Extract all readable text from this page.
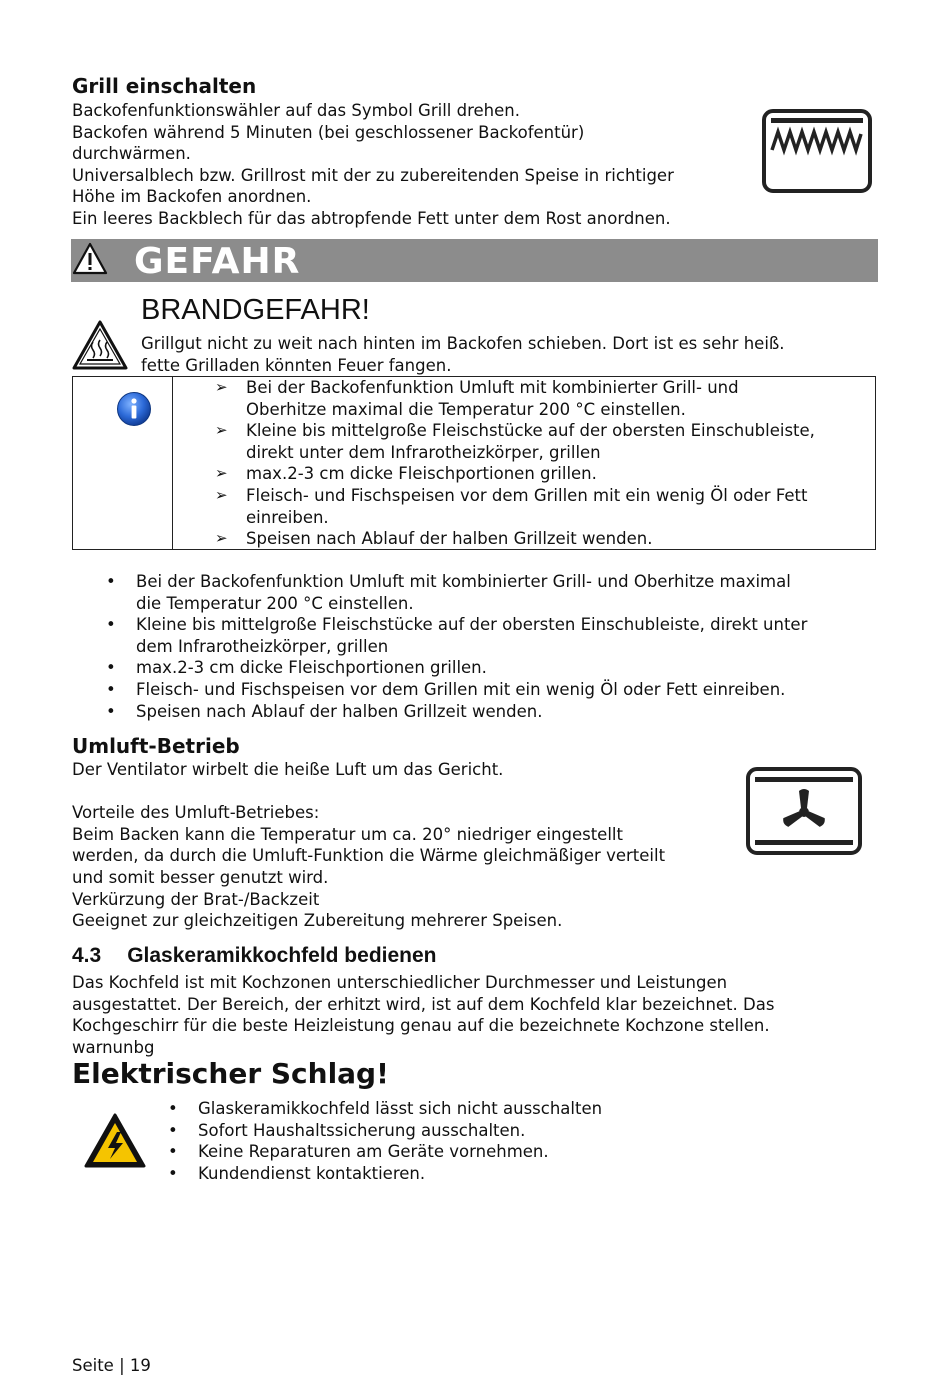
Grill einschalten
Backofenfunktionswähler auf das Symbol Grill drehen.
Backofen während 5 Minuten (bei geschlossener Backofentür)
durchwärmen.
Universalblech bzw. Grillrost mit der zu zubereitenden Speise in richtiger
Höhe im Backofen anordnen.
Ein leeres Backblech für das abtropfende Fett unter dem Rost anordnen.
GEFAHR
BRANDGEFAHR!
Grillgut nicht zu weit nach hinten im Backofen schieben. Dort ist es sehr heiß.
fette Grilladen könnten Feuer fangen.
➢ Bei der Backofenfunktion Umluft mit kombinierter Grill- und
Oberhitze maximal die Temperatur 200 °C einstellen.
➢ Kleine bis mittelgroße Fleischstücke auf der obersten Einschubleiste,
direkt unter dem Infrarotheizkörper, grillen
➢ max.2-3 cm dicke Fleischportionen grillen.
➢ Fleisch- und Fischspeisen vor dem Grillen mit ein wenig Öl oder Fett
einreiben.
➢ Speisen nach Ablauf der halben Grillzeit wenden.
• Bei der Backofenfunktion Umluft mit kombinierter Grill- und Oberhitze maximal
die Temperatur 200 °C einstellen.
• Kleine bis mittelgroße Fleischstücke auf der obersten Einschubleiste, direkt unter
dem Infrarotheizkörper, grillen
• max.2-3 cm dicke Fleischportionen grillen.
• Fleisch- und Fischspeisen vor dem Grillen mit ein wenig Öl oder Fett einreiben.
• Speisen nach Ablauf der halben Grillzeit wenden.
Umluft-Betrieb
Der Ventilator wirbelt die heiße Luft um das Gericht.
Vorteile des Umluft-Betriebes:
Beim Backen kann die Temperatur um ca. 20° niedriger eingestellt
werden, da durch die Umluft-Funktion die Wärme gleichmäßiger verteilt
und somit besser genutzt wird.
Verkürzung der Brat-/Backzeit
Geeignet zur gleichzeitigen Zubereitung mehrerer Speisen.
4.3 Glaskeramikkochfeld bedienen
Das Kochfeld ist mit Kochzonen unterschiedlicher Durchmesser und Leistungen
ausgestattet. Der Bereich, der erhitzt wird, ist auf dem Kochfeld klar bezeichnet. Das
Kochgeschirr für die beste Heizleistung genau auf die bezeichnete Kochzone stellen.
warnunbg
Elektrischer Schlag!
• Glaskeramikkochfeld lässt sich nicht ausschalten
• Sofort Haushaltssicherung ausschalten.
• Keine Reparaturen am Geräte vornehmen.
• Kundendienst kontaktieren.
Seite | 19
